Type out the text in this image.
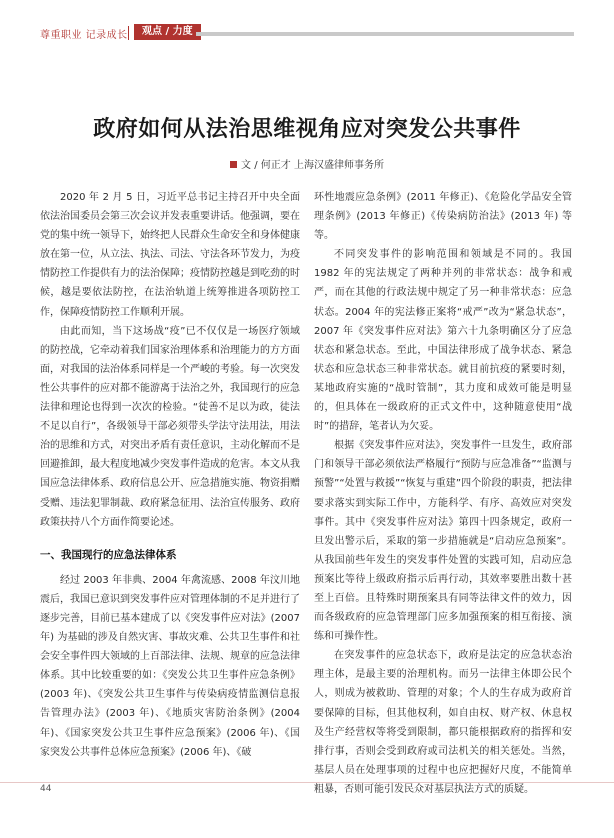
尊重职业 记录成长	观点 / 力度
政府如何从法治思维视角应对突发公共事件
文 / 何正才 上海汉盛律师事务所

2020 年 2 月 5 日，习近平总书记主持召开中央全面依法治国委员会第三次会议并发表重要讲话。他强调，要在党的集中统一领导下，始终把人民群众生命安全和身体健康放在第一位，从立法、执法、司法、守法各环节发力，为疫情防控工作提供有力的法治保障；疫情防控越是到吃劲的时候，越是要依法防控，在法治轨道上统筹推进各项防控工作，保障疫情防控工作顺利开展。

由此而知，当下这场战“疫”已不仅仅是一场医疗领域的防控战，它牵动着我们国家治理体系和治理能力的方方面面，对我国的法治体系同样是一个严峻的考验。每一次突发性公共事件的应对都不能游离于法治之外，我国现行的应急法律和理论也得到一次次的检验。“徒善不足以为政，徒法不足以自行”，各级领导干部必须带头学法守法用法，用法治的思维和方式，对突出矛盾有责任意识，主动化解而不是回避推卸，最大程度地减少突发事件造成的危害。本文从我国应急法律体系、政府信息公开、应急措施实施、物资捐赠受赠、违法犯罪制裁、政府紧急征用、法治宣传服务、政府政策扶持八个方面作简要论述。

一、我国现行的应急法律体系

经过 2003 年非典、2004 年禽流感、2008 年汶川地震后，我国已意识到突发事件应对管理体制的不足并进行了逐步完善，目前已基本建成了以《突发事件应对法》(2007 年) 为基础的涉及自然灾害、事故灾难、公共卫生事件和社会安全事件四大领域的上百部法律、法规、规章的应急法律体系。其中比较重要的如：《突发公共卫生事件应急条例》(2003 年)、《突发公共卫生事件与传染病疫情监测信息报告管理办法》(2003 年)、《地质灾害防治条例》(2004 年)、《国家突发公共卫生事件应急预案》(2006 年)、《国家突发公共事件总体应急预案》(2006 年)、《破

环性地震应急条例》(2011 年修正)、《危险化学品安全管理条例》(2013 年修正)《传染病防治法》(2013 年) 等等。

不同突发事件的影响范围和领域是不同的。我国 1982 年的宪法规定了两种并列的非常状态：战争和戒严，而在其他的行政法规中规定了另一种非常状态：应急状态。2004 年的宪法修正案将“戒严”改为“紧急状态”，2007 年《突发事件应对法》第六十九条明确区分了应急状态和紧急状态。至此，中国法律形成了战争状态、紧急状态和应急状态三种非常状态。就目前抗疫的紧要时刻，某地政府实施的“战时管制”，其力度和成效可能是明显的，但具体在一级政府的正式文件中，这种随意使用“战时”的措辞，笔者认为欠妥。

根据《突发事件应对法》，突发事件一旦发生，政府部门和领导干部必须依法严格履行“预防与应急准备”“监测与预警”“处置与救援”“恢复与重建”四个阶段的职责，把法律要求落实到实际工作中，方能科学、有序、高效应对突发事件。其中《突发事件应对法》第四十四条规定，政府一旦发出警示后，采取的第一步措施就是“启动应急预案”。从我国前些年发生的突发事件处置的实践可知，启动应急预案比等待上级政府指示后再行动，其效率要胜出数十甚至上百倍。且特殊时期预案具有同等法律文件的效力，因而各级政府的应急管理部门应多加强预案的相互衔接、演练和可操作性。

在突发事件的应急状态下，政府是法定的应急状态治理主体，是最主要的治理机构。而另一法律主体即公民个人，则成为被救助、管理的对象；个人的生存成为政府首要保障的目标，但其他权利，如自由权、财产权、休息权及生产经营权等将受到限制，都只能根据政府的指挥和安排行事，否则会受到政府或司法机关的相关惩处。当然，基层人员在处理事项的过程中也应把握好尺度，不能简单粗暴，否则可能引发民众对基层执法方式的质疑。

44
